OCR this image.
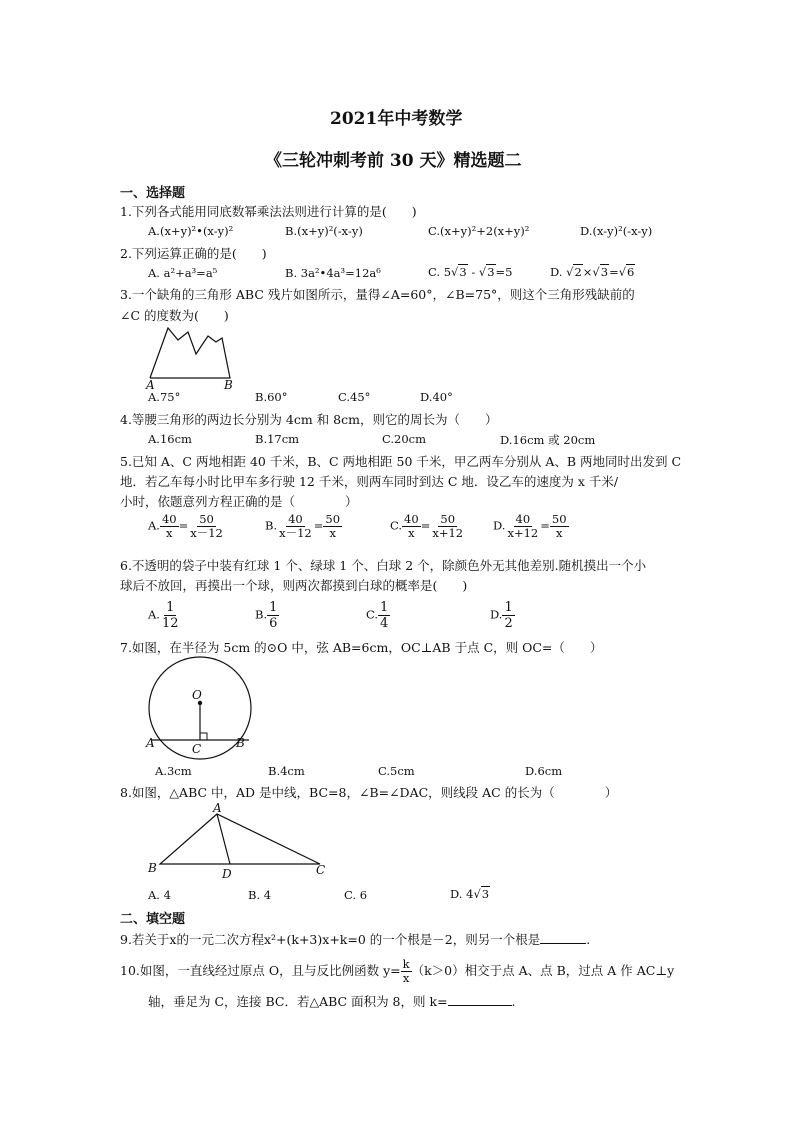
2021年中考数学
《三轮冲刺考前 30 天》精选题二
一、选择题
1.下列各式能用同底数幂乘法法则进行计算的是(　　)
A.(x+y)²•(x-y)²	B.(x+y)²(-x-y)	C.(x+y)²+2(x+y)²	D.(x-y)²(-x-y)
2.下列运算正确的是(　　)
A. a²+a³=a⁵	B. 3a²•4a³=12a⁶	C. 5√3 - √3=5	D. √2×√3=√6
3.一个缺角的三角形 ABC 残片如图所示，量得∠A=60°，∠B=75°，则这个三角形残缺前的
∠C 的度数为(　　)
A	B
A.75°	B.60°	C.45°	D.40°
4.等腰三角形的两边长分别为 4cm 和 8cm，则它的周长为（　　）
A.16cm	B.17cm	C.20cm	D.16cm 或 20cm
5.已知 A、C 两地相距 40 千米，B、C 两地相距 50 千米，甲乙两车分别从 A、B 两地同时出发到 C
地．若乙车每小时比甲车多行驶 12 千米，则两车同时到达 C 地．设乙车的速度为 x 千米/
小时，依题意列方程正确的是（　　　　）
A. $\frac{40}{x} = \frac{50}{x-12}$	B. $\frac{40}{x-12} = \frac{50}{x}$	C. $\frac{40}{x} = \frac{50}{x+12} D$. $\frac{40}{x+12} = \frac{50}{x}$
6.不透明的袋子中装有红球 1 个、绿球 1 个、白球 2 个，除颜色外无其他差别.随机摸出一个小
球后不放回，再摸出一个球，则两次都摸到白球的概率是(　　)
A. $\frac{1}{12}$	B. $\frac{1}{6}$	C. $\frac{1}{4}$	D. $\frac{1}{2}$
7.如图，在半径为 5cm 的⊙O 中，弦 AB=6cm，OC⊥AB 于点 C，则 OC=（　　）
O
A	B
C
A.3cm	B.4cm	C.5cm	D.6cm
8.如图，△ABC 中，AD 是中线，BC=8，∠B=∠DAC，则线段 AC 的长为（　　　　）
A
B	C
D
A. 4	B. 4	C. 6	D. 4√3
二、填空题
9.若关于x的一元二次方程x²+(k+3)x+k=0 的一个根是－2，则另一个根是	.
10.如图，一直线经过原点 O，且与反比例函数 $y= \frac{k}{x} (k>0)$相交于点 A、点 B，过点 A 作 AC⊥y
轴，垂足为 C，连接 BC．若△ABC 面积为 8，则 k=	.
